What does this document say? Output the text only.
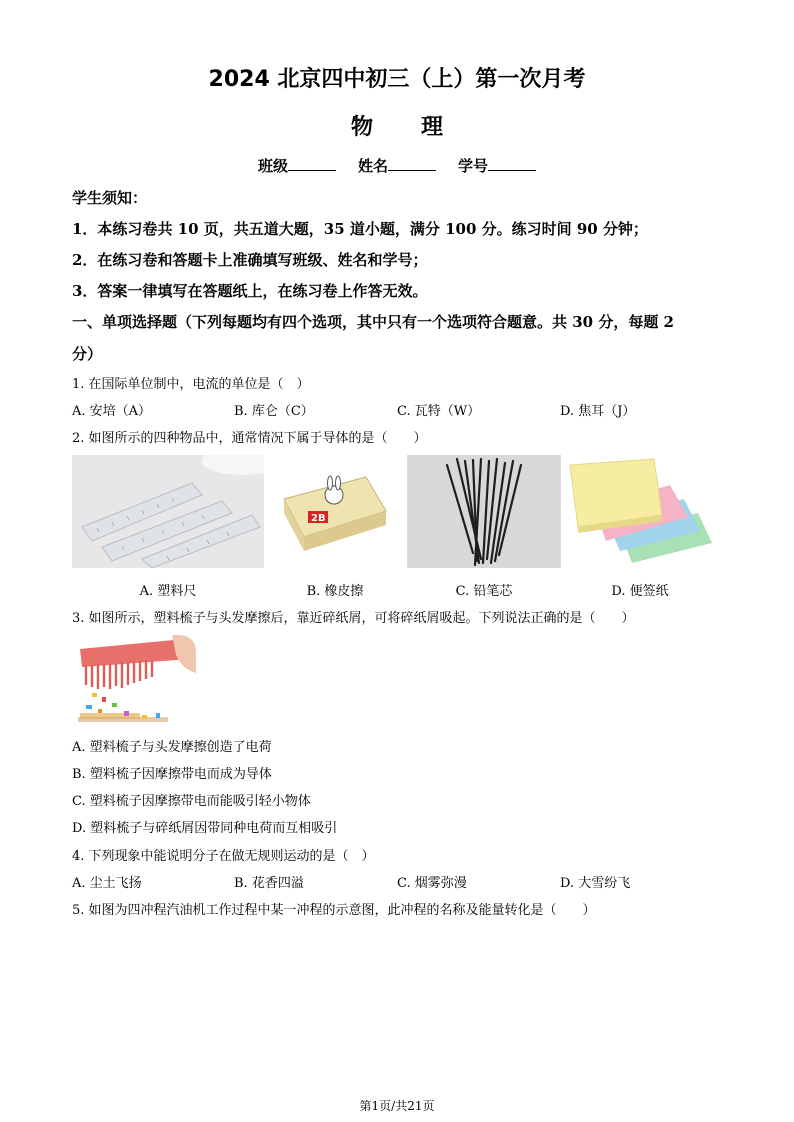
2024 北京四中初三（上）第一次月考
物 理
班级	姓名	学号
学生须知：
1．本练习卷共 10 页，共五道大题，35 道小题，满分 100 分。练习时间 90 分钟；
2．在练习卷和答题卡上准确填写班级、姓名和学号；
3．答案一律填写在答题纸上，在练习卷上作答无效。
一、单项选择题（下列每题均有四个选项，其中只有一个选项符合题意。共 30 分，每题 2
分）
1. 在国际单位制中，电流的单位是（　）
A. 安培（A）	B. 库仑（C）	C. 瓦特（W）	D. 焦耳（J）
2. 如图所示的四种物品中，通常情况下属于导体的是（　　）
2B
A. 塑料尺	B. 橡皮擦	C. 铅笔芯	D. 便签纸
3. 如图所示，塑料梳子与头发摩擦后，靠近碎纸屑，可将碎纸屑吸起。下列说法正确的是（　　）
A. 塑料梳子与头发摩擦创造了电荷
B. 塑料梳子因摩擦带电而成为导体
C. 塑料梳子因摩擦带电而能吸引轻小物体
D. 塑料梳子与碎纸屑因带同种电荷而互相吸引
4. 下列现象中能说明分子在做无规则运动的是（　）
A. 尘土飞扬	B. 花香四溢	C. 烟雾弥漫	D. 大雪纷飞
5. 如图为四冲程汽油机工作过程中某一冲程的示意图，此冲程的名称及能量转化是（　　）
第1页/共21页
